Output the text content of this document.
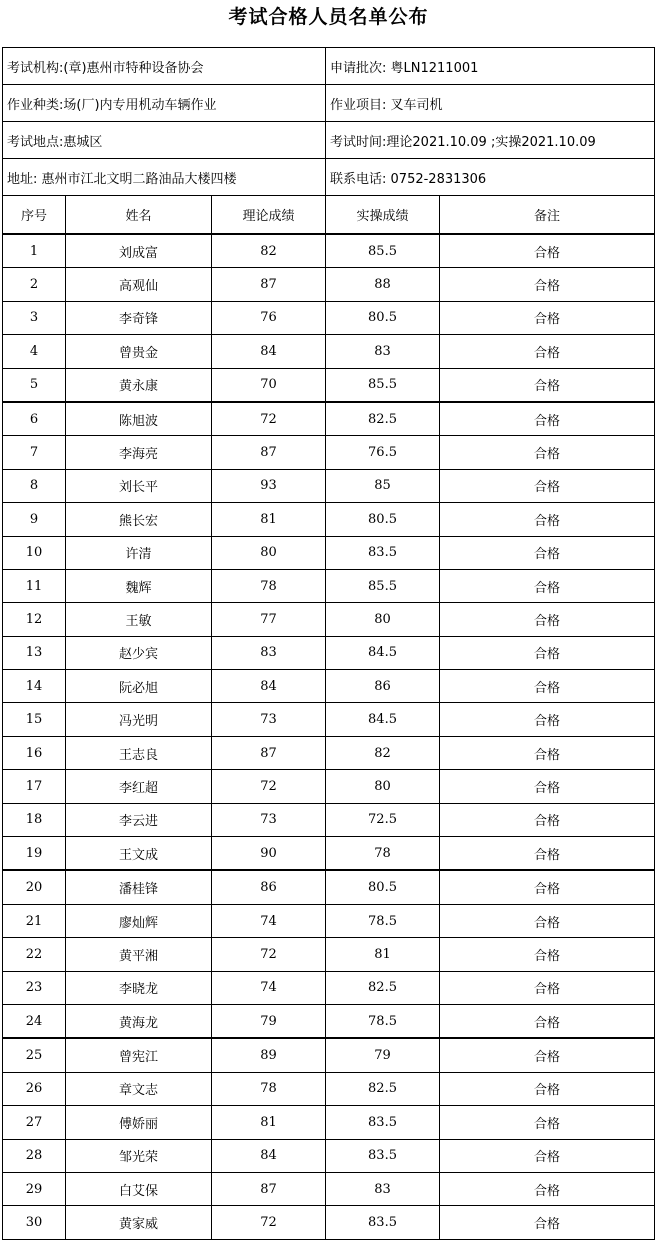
考试合格人员名单公布
考试机构:(章)惠州市特种设备协会			申请批次: 粤LN1211001	
作业种类:场(厂)内专用机动车辆作业			作业项目: 叉车司机	
考试地点:惠城区			考试时间:理论2021.10.09 ;实操2021.10.09	
地址: 惠州市江北文明二路油品大楼四楼			联系电话: 0752-2831306	
序号	姓名	理论成绩	实操成绩	备注
1	刘成富	82	85.5	合格
2	高观仙	87	88	合格
3	李奇锋	76	80.5	合格
4	曾贵金	84	83	合格
5	黄永康	70	85.5	合格
6	陈旭波	72	82.5	合格
7	李海亮	87	76.5	合格
8	刘长平	93	85	合格
9	熊长宏	81	80.5	合格
10	许清	80	83.5	合格
11	魏辉	78	85.5	合格
12	王敏	77	80	合格
13	赵少宾	83	84.5	合格
14	阮必旭	84	86	合格
15	冯光明	73	84.5	合格
16	王志良	87	82	合格
17	李红超	72	80	合格
18	李云进	73	72.5	合格
19	王文成	90	78	合格
20	潘桂锋	86	80.5	合格
21	廖灿辉	74	78.5	合格
22	黄平湘	72	81	合格
23	李晓龙	74	82.5	合格
24	黄海龙	79	78.5	合格
25	曾宪江	89	79	合格
26	章文志	78	82.5	合格
27	傅娇丽	81	83.5	合格
28	邹光荣	84	83.5	合格
29	白艾保	87	83	合格
30	黄家威	72	83.5	合格
